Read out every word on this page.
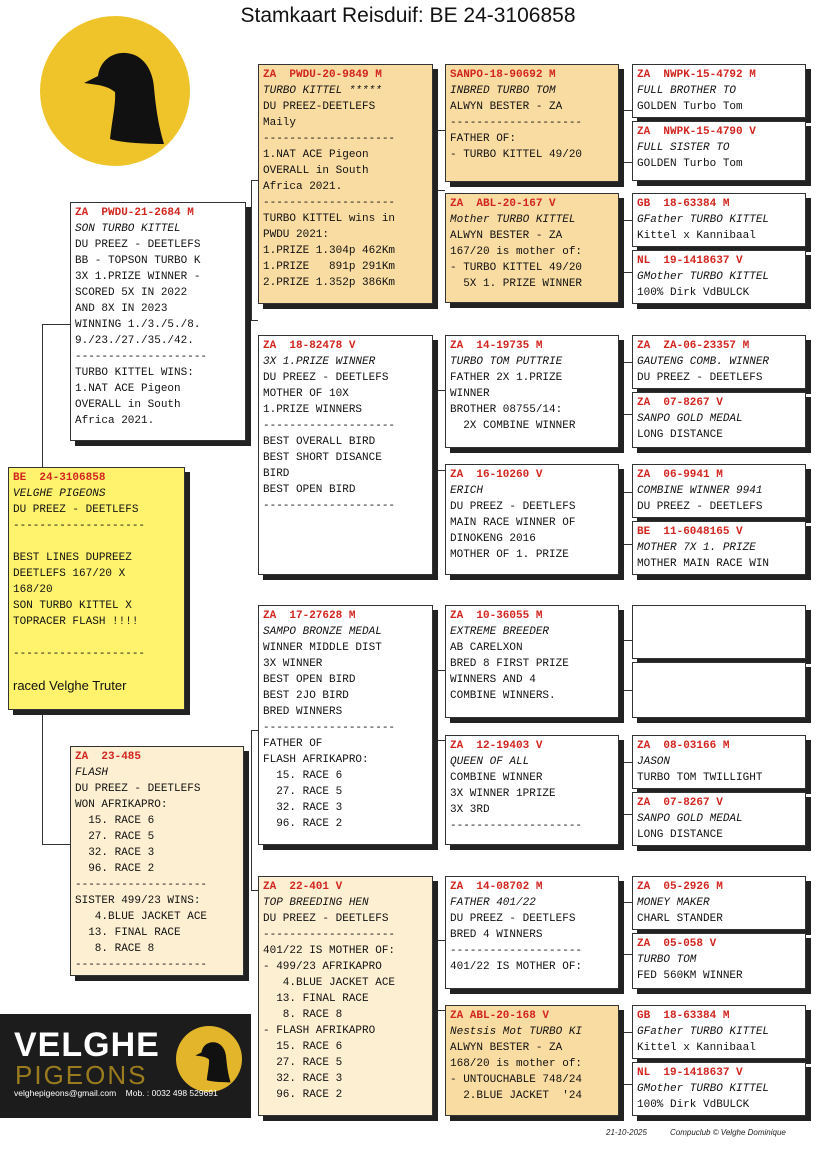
Stamkaart Reisduif: BE 24-3106858
BE  24-3106858
VELGHE PIGEONS
DU PREEZ - DEETLEFS
--------------------

BEST LINES DUPREEZ
DEETLEFS 167/20 X
168/20
SON TURBO KITTEL X
TOPRACER FLASH !!!!

--------------------

raced Velghe Truter
ZA  PWDU-21-2684 M
SON TURBO KITTEL
DU PREEZ - DEETLEFS
BB - TOPSON TURBO K
3X 1.PRIZE WINNER -
SCORED 5X IN 2022
AND 8X IN 2023
WINNING 1./3./5./8.
9./23./27./35./42.
--------------------
TURBO KITTEL WINS:
1.NAT ACE Pigeon
OVERALL in South
Africa 2021.
ZA  23-485
FLASH
DU PREEZ - DEETLEFS
WON AFRIKAPRO:
15. RACE 6
27. RACE 5
32. RACE 3
96. RACE 2
--------------------
SISTER 499/23 WINS:
4.BLUE JACKET ACE
13. FINAL RACE
8. RACE 8
--------------------
ZA  PWDU-20-9849 M
TURBO KITTEL *****
DU PREEZ-DEETLEFS
Maily
--------------------
1.NAT ACE Pigeon
OVERALL in South
Africa 2021.
--------------------
TURBO KITTEL wins in
PWDU 2021:
1.PRIZE 1.304p 462Km
1.PRIZE   891p 291Km
2.PRIZE 1.352p 386Km
ZA  18-82478 V
3X 1.PRIZE WINNER
DU PREEZ - DEETLEFS
MOTHER OF 10X
1.PRIZE WINNERS
--------------------
BEST OVERALL BIRD
BEST SHORT DISANCE
BIRD
BEST OPEN BIRD
--------------------
ZA  17-27628 M
SAMPO BRONZE MEDAL
WINNER MIDDLE DIST
3X WINNER
BEST OPEN BIRD
BEST 2JO BIRD
BRED WINNERS
--------------------
FATHER OF
FLASH AFRIKAPRO:
15. RACE 6
27. RACE 5
32. RACE 3
96. RACE 2
ZA  22-401 V
TOP BREEDING HEN
DU PREEZ - DEETLEFS
--------------------
401/22 IS MOTHER OF:
- 499/23 AFRIKAPRO
4.BLUE JACKET ACE
13. FINAL RACE
8. RACE 8
- FLASH AFRIKAPRO
15. RACE 6
27. RACE 5
32. RACE 3
96. RACE 2
SANPO-18-90692 M
INBRED TURBO TOM
ALWYN BESTER - ZA
--------------------
FATHER OF:
- TURBO KITTEL 49/20
ZA  ABL-20-167 V
Mother TURBO KITTEL
ALWYN BESTER - ZA
167/20 is mother of:
- TURBO KITTEL 49/20
5X 1. PRIZE WINNER
ZA  14-19735 M
TURBO TOM PUTTRIE
FATHER 2X 1.PRIZE
WINNER
BROTHER 08755/14:
2X COMBINE WINNER
ZA  16-10260 V
ERICH
DU PREEZ - DEETLEFS
MAIN RACE WINNER OF
DINOKENG 2016
MOTHER OF 1. PRIZE
ZA  10-36055 M
EXTREME BREEDER
AB CARELXON
BRED 8 FIRST PRIZE
WINNERS AND 4
COMBINE WINNERS.
ZA  12-19403 V
QUEEN OF ALL
COMBINE WINNER
3X WINNER 1PRIZE
3X 3RD
--------------------
ZA  14-08702 M
FATHER 401/22
DU PREEZ - DEETLEFS
BRED 4 WINNERS
--------------------
401/22 IS MOTHER OF:
ZA ABL-20-168 V
Nestsis Mot TURBO KI
ALWYN BESTER - ZA
168/20 is mother of:
- UNTOUCHABLE 748/24
2.BLUE JACKET  '24
ZA  NWPK-15-4792 M
FULL BROTHER TO
GOLDEN Turbo Tom
ZA  NWPK-15-4790 V
FULL SISTER TO
GOLDEN Turbo Tom
GB  18-63384 M
GFather TURBO KITTEL
Kittel x Kannibaal
NL  19-1418637 V
GMother TURBO KITTEL
100% Dirk VdBULCK
ZA  ZA-06-23357 M
GAUTENG COMB. WINNER
DU PREEZ - DEETLEFS
ZA  07-8267 V
SANPO GOLD MEDAL
LONG DISTANCE
ZA  06-9941 M
COMBINE WINNER 9941
DU PREEZ - DEETLEFS
BE  11-6048165 V
MOTHER 7X 1. PRIZE
MOTHER MAIN RACE WIN
ZA  08-03166 M
JASON
TURBO TOM TWILLIGHT
ZA  07-8267 V
SANPO GOLD MEDAL
LONG DISTANCE
ZA  05-2926 M
MONEY MAKER
CHARL STANDER
ZA  05-058 V
TURBO TOM
FED 560KM WINNER
GB  18-63384 M
GFather TURBO KITTEL
Kittel x Kannibaal
NL  19-1418637 V
GMother TURBO KITTEL
100% Dirk VdBULCK
VELGHE
PIGEONS
velghepigeons@gmail.com Mob. : 0032 498 529691
21-10-2025	Compuclub © Velghe Dominique
